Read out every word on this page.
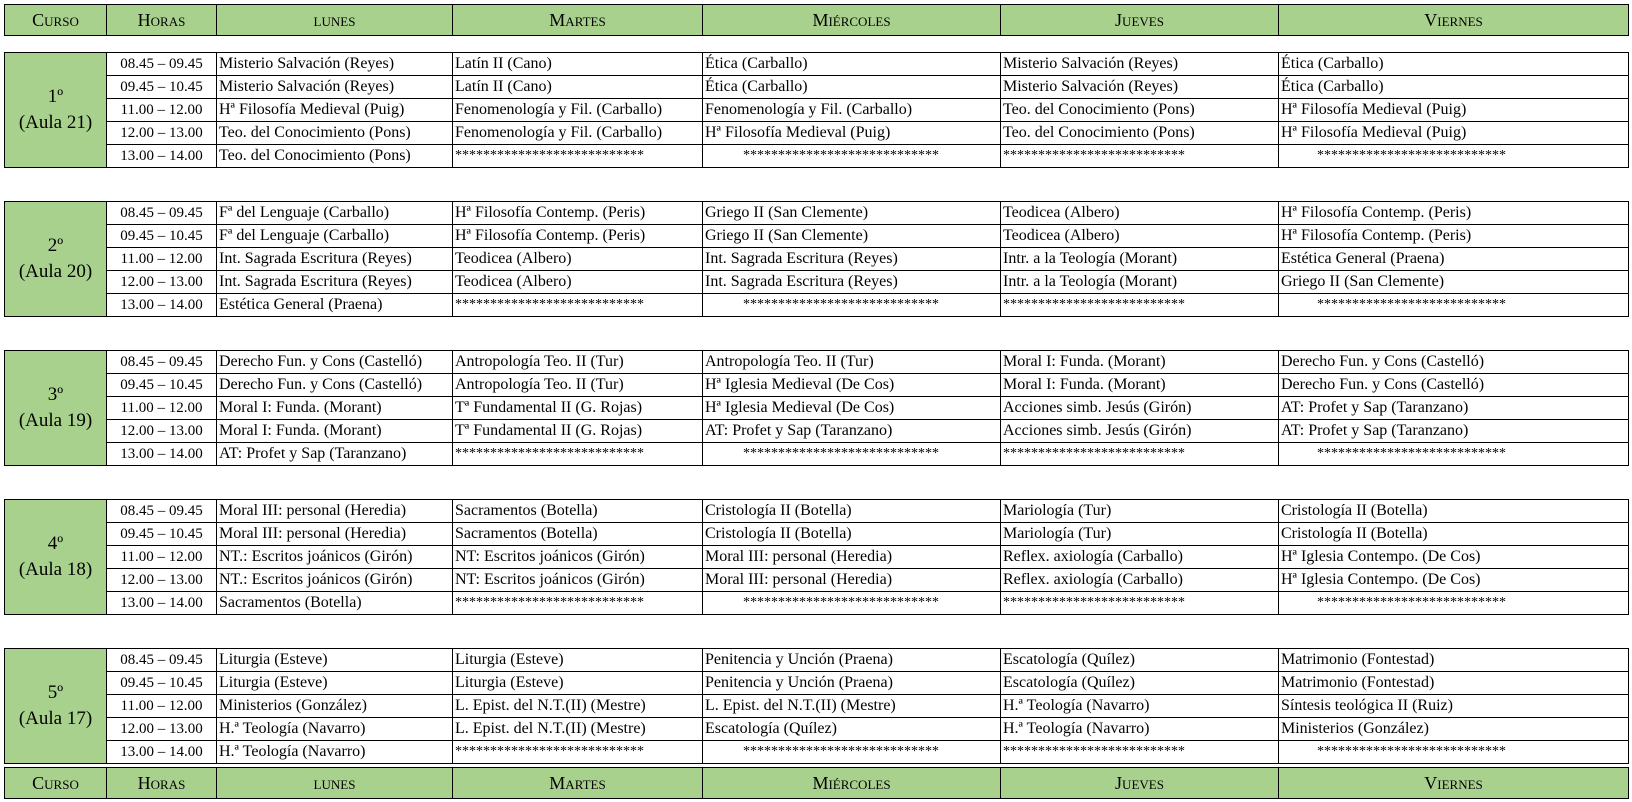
Curso	Horas	lunes	Martes	Miércoles	Jueves	Viernes
1º
(Aula 21)	08.45 – 09.45	Misterio Salvación (Reyes)	Latín II (Cano)	Ética (Carballo)	Misterio Salvación (Reyes)	Ética (Carballo)
	09.45 – 10.45	Misterio Salvación (Reyes)	Latín II (Cano)	Ética (Carballo)	Misterio Salvación (Reyes)	Ética (Carballo)
	11.00 – 12.00	Hª Filosofía Medieval (Puig)	Fenomenología y Fil. (Carballo)	Fenomenología y Fil. (Carballo)	Teo. del Conocimiento (Pons)	Hª Filosofía Medieval (Puig)
	12.00 – 13.00	Teo. del Conocimiento (Pons)	Fenomenología y Fil. (Carballo)	Hª Filosofía Medieval (Puig)	Teo. del Conocimiento (Pons)	Hª Filosofía Medieval (Puig)
	13.00 – 14.00	Teo. del Conocimiento (Pons)	***************************	****************************	**************************	***************************
2º
(Aula 20)	08.45 – 09.45	Fª del Lenguaje (Carballo)	Hª Filosofía Contemp. (Peris)	Griego II (San Clemente)	Teodicea (Albero)	Hª Filosofía Contemp. (Peris)
	09.45 – 10.45	Fª del Lenguaje (Carballo)	Hª Filosofía Contemp. (Peris)	Griego II (San Clemente)	Teodicea (Albero)	Hª Filosofía Contemp. (Peris)
	11.00 – 12.00	Int. Sagrada Escritura (Reyes)	Teodicea (Albero)	Int. Sagrada Escritura (Reyes)	Intr. a la Teología (Morant)	Estética General (Praena)
	12.00 – 13.00	Int. Sagrada Escritura (Reyes)	Teodicea (Albero)	Int. Sagrada Escritura (Reyes)	Intr. a la Teología (Morant)	Griego II (San Clemente)
	13.00 – 14.00	Estética General (Praena)	***************************	****************************	**************************	***************************
3º
(Aula 19)	08.45 – 09.45	Derecho Fun. y Cons (Castelló)	Antropología Teo. II (Tur)	Antropología Teo. II (Tur)	Moral I: Funda. (Morant)	Derecho Fun. y Cons (Castelló)
	09.45 – 10.45	Derecho Fun. y Cons (Castelló)	Antropología Teo. II (Tur)	Hª Iglesia Medieval (De Cos)	Moral I: Funda. (Morant)	Derecho Fun. y Cons (Castelló)
	11.00 – 12.00	Moral I: Funda. (Morant)	Tª Fundamental II (G. Rojas)	Hª Iglesia Medieval (De Cos)	Acciones simb. Jesús (Girón)	AT: Profet y Sap (Taranzano)
	12.00 – 13.00	Moral I: Funda. (Morant)	Tª Fundamental II (G. Rojas)	AT: Profet y Sap (Taranzano)	Acciones simb. Jesús (Girón)	AT: Profet y Sap (Taranzano)
	13.00 – 14.00	AT: Profet y Sap (Taranzano)	***************************	****************************	**************************	***************************
4º
(Aula 18)	08.45 – 09.45	Moral III: personal (Heredia)	Sacramentos (Botella)	Cristología II (Botella)	Mariología (Tur)	Cristología II (Botella)
	09.45 – 10.45	Moral III: personal (Heredia)	Sacramentos (Botella)	Cristología II (Botella)	Mariología (Tur)	Cristología II (Botella)
	11.00 – 12.00	NT.: Escritos joánicos (Girón)	NT: Escritos joánicos (Girón)	Moral III: personal (Heredia)	Reflex. axiología (Carballo)	Hª Iglesia Contempo. (De Cos)
	12.00 – 13.00	NT.: Escritos joánicos (Girón)	NT: Escritos joánicos (Girón)	Moral III: personal (Heredia)	Reflex. axiología (Carballo)	Hª Iglesia Contempo. (De Cos)
	13.00 – 14.00	Sacramentos (Botella)	***************************	****************************	**************************	***************************
5º
(Aula 17)	08.45 – 09.45	Liturgia (Esteve)	Liturgia (Esteve)	Penitencia y Unción (Praena)	Escatología (Quílez)	Matrimonio (Fontestad)
	09.45 – 10.45	Liturgia (Esteve)	Liturgia (Esteve)	Penitencia y Unción (Praena)	Escatología (Quílez)	Matrimonio (Fontestad)
	11.00 – 12.00	Ministerios (González)	L. Epist. del N.T.(II) (Mestre)	L. Epist. del N.T.(II) (Mestre)	H.ª Teología (Navarro)	Síntesis teológica II (Ruiz)
	12.00 – 13.00	H.ª Teología (Navarro)	L. Epist. del N.T.(II) (Mestre)	Escatología (Quílez)	H.ª Teología (Navarro)	Ministerios (González)
	13.00 – 14.00	H.ª Teología (Navarro)	***************************	****************************	**************************	***************************
Curso	Horas	lunes	Martes	Miércoles	Jueves	Viernes
